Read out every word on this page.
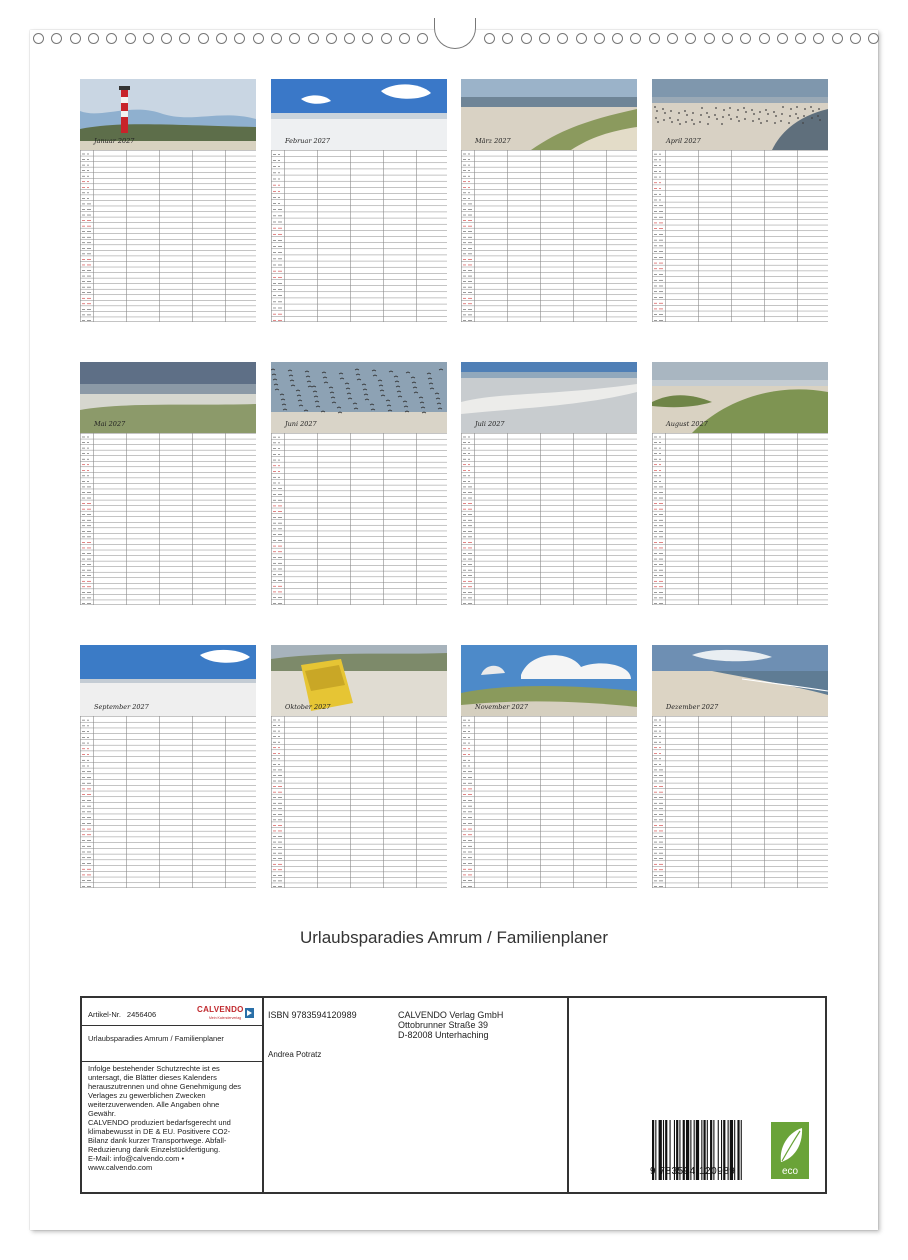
Januar 2027	Februar 2027	März 2027	April 2027
Mai 2027	Juni 2027	Juli 2027	August 2027
September 2027	Oktober 2027	November 2027	Dezember 2027
Urlaubsparadies Amrum / Familienplaner
Artikel-Nr. 2456406
CALVENDO
Mein Kalenderverlag
Urlaubsparadies Amrum / Familienplaner
Infolge bestehender Schutzrechte ist es
untersagt, die Blätter dieses Kalenders
herauszutrennen und ohne Genehmigung des
Verlages zu gewerblichen Zwecken
weiterzuverwenden. Alle Angaben ohne
Gewähr.
CALVENDO produziert bedarfsgerecht und
klimabewusst in DE & EU. Positivere CO2-
Bilanz dank kurzer Transportwege. Abfall-
Reduzierung dank Einzelstückfertigung.
E-Mail: info@calvendo.com •
www.calvendo.com
ISBN 9783594120989
Andrea Potratz
CALVENDO Verlag GmbH
Ottobrunner Straße 39
D-82008 Unterhaching
9 783594 120989	eco
